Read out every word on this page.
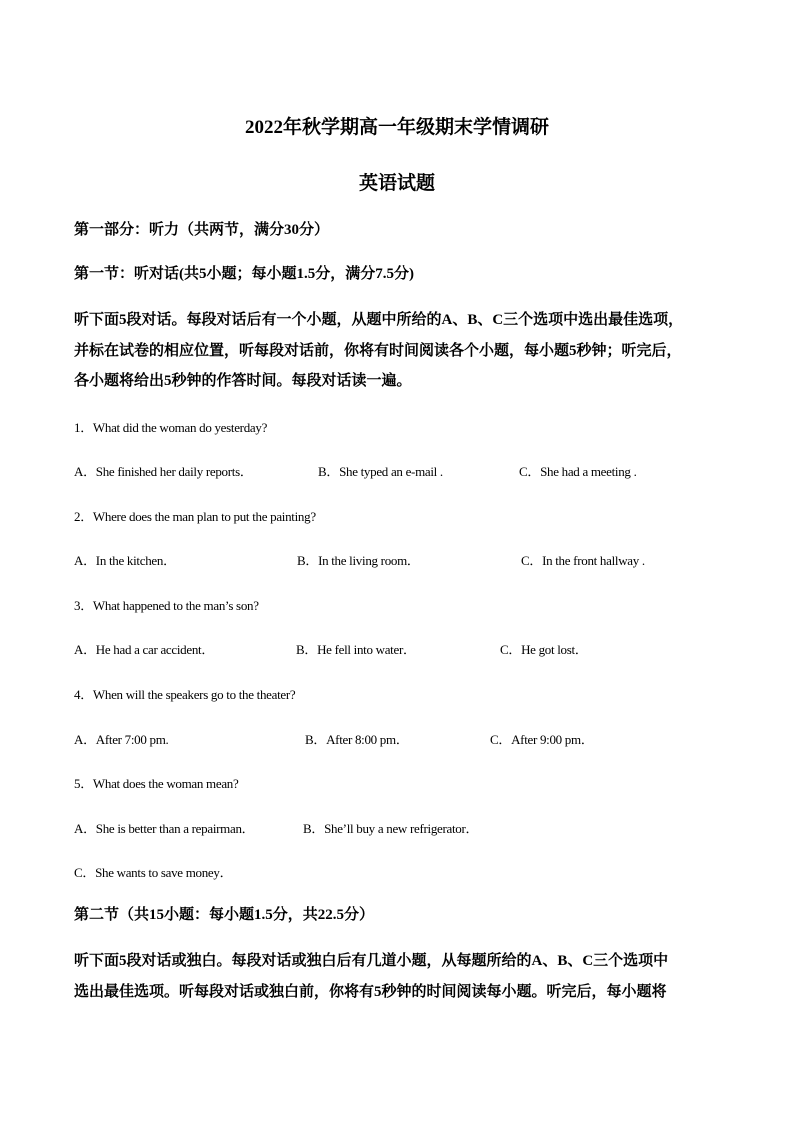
2022年秋学期高一年级期末学情调研
英语试题
第一部分：听力（共两节，满分30分）
第一节：听对话(共5小题；每小题1.5分，满分7.5分)
听下面5段对话。每段对话后有一个小题，从题中所给的A、B、C三个选项中选出最佳选项，
并标在试卷的相应位置，听每段对话前，你将有时间阅读各个小题，每小题5秒钟；听完后，
各小题将给出5秒钟的作答时间。每段对话读一遍。
1．What did the woman do yesterday?
A．She finished her daily reports．	B．She typed an e-mail .	C．She had a meeting .
2．Where does the man plan to put the painting?
A．In the kitchen．	B．In the living room．	C．In the front hallway .
3．What happened to the man’s son?
A．He had a car accident．	B．He fell into water．	C．He got lost．
4．When will the speakers go to the theater?
A．After 7:00 pm.	B．After 8:00 pm．	C．After 9:00 pm．
5．What does the woman mean?
A．She is better than a repairman．	B．She’ll buy a new refrigerator．
C．She wants to save money．
第二节（共15小题：每小题1.5分，共22.5分）
听下面5段对话或独白。每段对话或独白后有几道小题，从每题所给的A、B、C三个选项中
选出最佳选项。听每段对话或独白前，你将有5秒钟的时间阅读每小题。听完后，每小题将
